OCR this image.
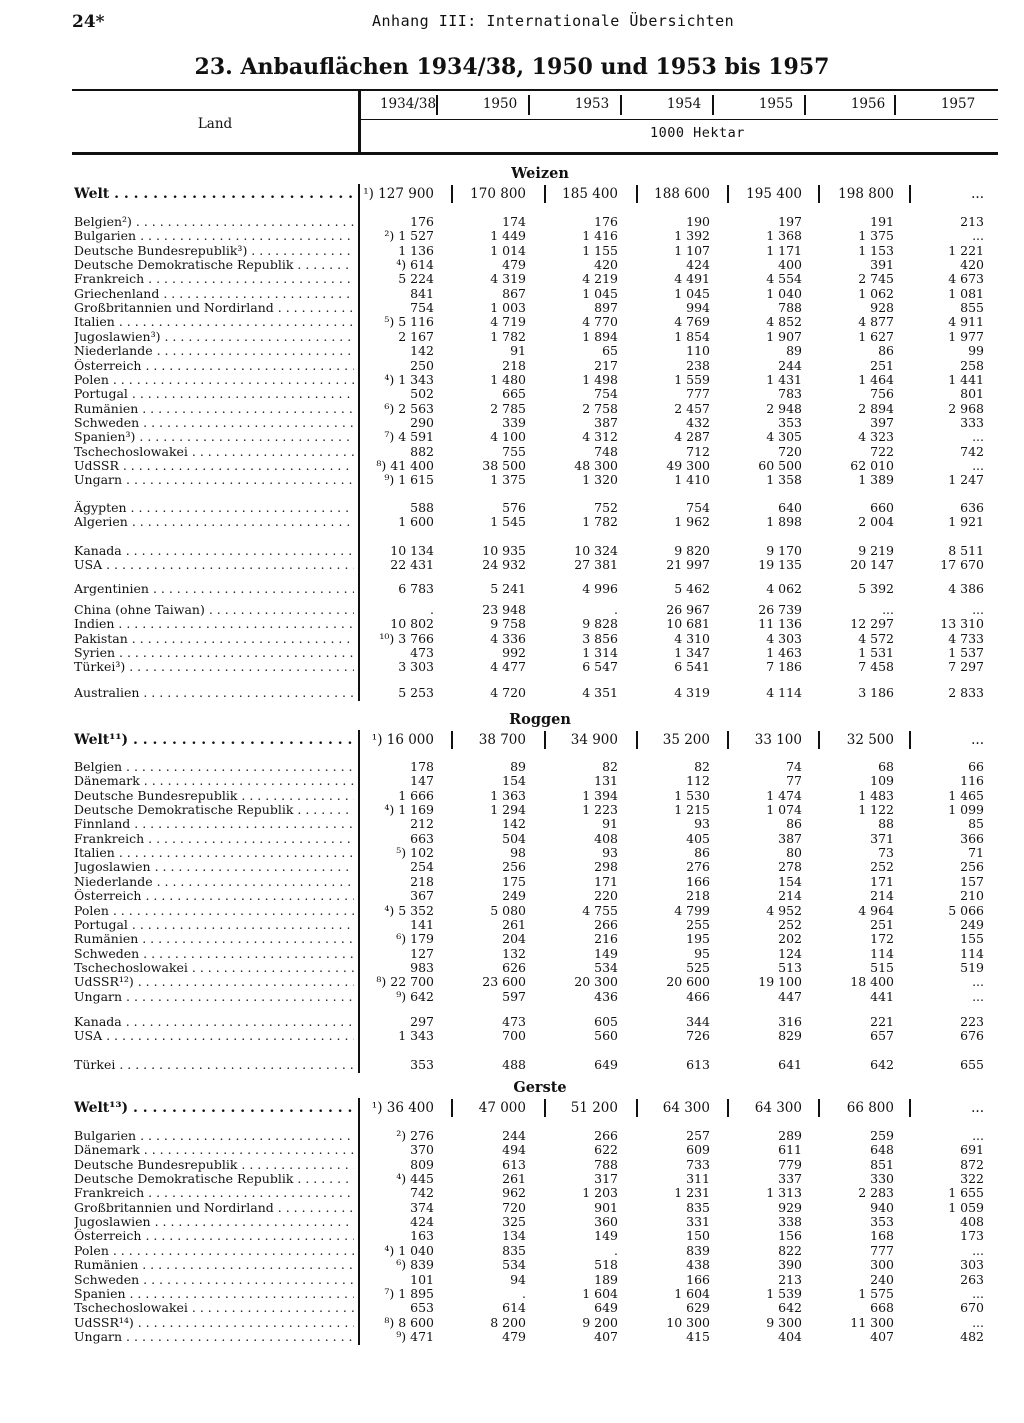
24*	Anhang III: Internationale Übersichten
23. Anbauflächen 1934/38, 1950 und 1953 bis 1957
Land
1000 Hektar
1934/38	1950	1953	1954	1955	1956	1957
Weizen
Welt . . .	¹) 127 900	170 800	185 400	188 600	195 400	198 800	...
Belgien²) . . .	176	174	176	190	197	191	213
Bulgarien . . .	²) 1 527	1 449	1 416	1 392	1 368	1 375	...
Deutsche Bundesrepublik³) . . .	1 136	1 014	1 155	1 107	1 171	1 153	1 221
Deutsche Demokratische Republik . . .	⁴) 614	479	420	424	400	391	420
Frankreich . . .	5 224	4 319	4 219	4 491	4 554	2 745	4 673
Griechenland . . .	841	867	1 045	1 045	1 040	1 062	1 081
Großbritannien und Nordirland . . .	754	1 003	897	994	788	928	855
Italien . . .	⁵) 5 116	4 719	4 770	4 769	4 852	4 877	4 911
Jugoslawien³) . . .	2 167	1 782	1 894	1 854	1 907	1 627	1 977
Niederlande . . .	142	91	65	110	89	86	99
Österreich . . .	250	218	217	238	244	251	258
Polen . . .	⁴) 1 343	1 480	1 498	1 559	1 431	1 464	1 441
Portugal . . .	502	665	754	777	783	756	801
Rumänien . . .	⁶) 2 563	2 785	2 758	2 457	2 948	2 894	2 968
Schweden . . .	290	339	387	432	353	397	333
Spanien³) . . .	⁷) 4 591	4 100	4 312	4 287	4 305	4 323	...
Tschechoslowakei . . .	882	755	748	712	720	722	742
UdSSR . . .	⁸) 41 400	38 500	48 300	49 300	60 500	62 010	...
Ungarn . . .	⁹) 1 615	1 375	1 320	1 410	1 358	1 389	1 247
Ägypten . . .	588	576	752	754	640	660	636
Algerien . . .	1 600	1 545	1 782	1 962	1 898	2 004	1 921
Kanada . . .	10 134	10 935	10 324	9 820	9 170	9 219	8 511
USA . . .	22 431	24 932	27 381	21 997	19 135	20 147	17 670
Argentinien . . .	6 783	5 241	4 996	5 462	4 062	5 392	4 386
China (ohne Taiwan) . . .	.	23 948	.	26 967	26 739	...	...
Indien . . .	10 802	9 758	9 828	10 681	11 136	12 297	13 310
Pakistan . . .	¹⁰) 3 766	4 336	3 856	4 310	4 303	4 572	4 733
Syrien . . .	473	992	1 314	1 347	1 463	1 531	1 537
Türkei³) . . .	3 303	4 477	6 547	6 541	7 186	7 458	7 297
Australien . . .	5 253	4 720	4 351	4 319	4 114	3 186	2 833
Roggen
Welt¹¹) . . .	¹) 16 000	38 700	34 900	35 200	33 100	32 500	...
Belgien . . .	178	89	82	82	74	68	66
Dänemark . . .	147	154	131	112	77	109	116
Deutsche Bundesrepublik . . .	1 666	1 363	1 394	1 530	1 474	1 483	1 465
Deutsche Demokratische Republik . . .	⁴) 1 169	1 294	1 223	1 215	1 074	1 122	1 099
Finnland . . .	212	142	91	93	86	88	85
Frankreich . . .	663	504	408	405	387	371	366
Italien . . .	⁵) 102	98	93	86	80	73	71
Jugoslawien . . .	254	256	298	276	278	252	256
Niederlande . . .	218	175	171	166	154	171	157
Österreich . . .	367	249	220	218	214	214	210
Polen . . .	⁴) 5 352	5 080	4 755	4 799	4 952	4 964	5 066
Portugal . . .	141	261	266	255	252	251	249
Rumänien . . .	⁶) 179	204	216	195	202	172	155
Schweden . . .	127	132	149	95	124	114	114
Tschechoslowakei . . .	983	626	534	525	513	515	519
UdSSR¹²) . . .	⁸) 22 700	23 600	20 300	20 600	19 100	18 400	...
Ungarn . . .	⁹) 642	597	436	466	447	441	...
Kanada . . .	297	473	605	344	316	221	223
USA . . .	1 343	700	560	726	829	657	676
Türkei . . .	353	488	649	613	641	642	655
Gerste
Welt¹³) . . .	¹) 36 400	47 000	51 200	64 300	64 300	66 800	...
Bulgarien . . .	²) 276	244	266	257	289	259	...
Dänemark . . .	370	494	622	609	611	648	691
Deutsche Bundesrepublik . . .	809	613	788	733	779	851	872
Deutsche Demokratische Republik . . .	⁴) 445	261	317	311	337	330	322
Frankreich . . .	742	962	1 203	1 231	1 313	2 283	1 655
Großbritannien und Nordirland . . .	374	720	901	835	929	940	1 059
Jugoslawien . . .	424	325	360	331	338	353	408
Österreich . . .	163	134	149	150	156	168	173
Polen . . .	⁴) 1 040	835	.	839	822	777	...
Rumänien . . .	⁶) 839	534	518	438	390	300	303
Schweden . . .	101	94	189	166	213	240	263
Spanien . . .	⁷) 1 895	.	1 604	1 604	1 539	1 575	...
Tschechoslowakei . . .	653	614	649	629	642	668	670
UdSSR¹⁴) . . .	⁸) 8 600	8 200	9 200	10 300	9 300	11 300	...
Ungarn . . .	⁹) 471	479	407	415	404	407	482
